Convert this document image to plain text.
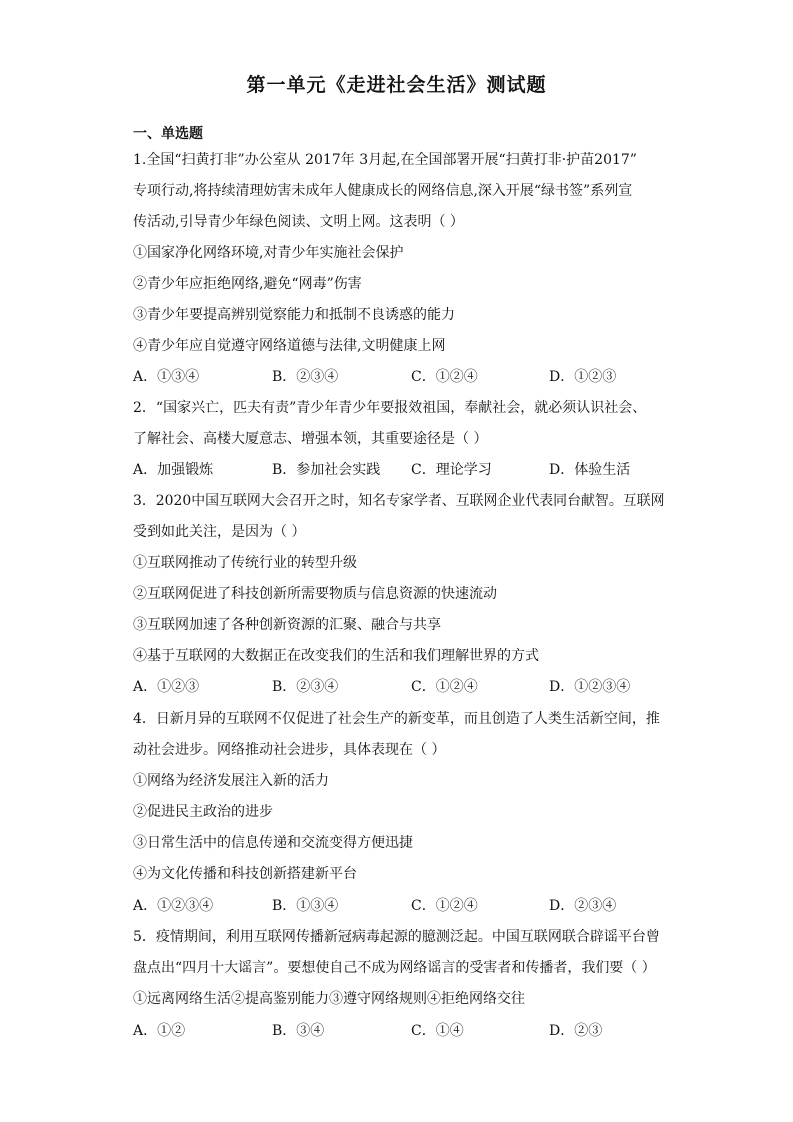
第一单元《走进社会生活》测试题
一、单选题
1.全国“扫黄打非”办公室从 2017年 3月起,在全国部署开展“扫黄打非·护苗2017”
专项行动,将持续清理妨害未成年人健康成长的网络信息,深入开展“绿书签”系列宣
传活动,引导青少年绿色阅读、文明上网。这表明（ ）
①国家净化网络环境,对青少年实施社会保护
②青少年应拒绝网络,避免“网毒”伤害
③青少年要提高辨别觉察能力和抵制不良诱惑的能力
④青少年应自觉遵守网络道德与法律,文明健康上网
A．①③④	B．②③④	C．①②④	D．①②③
2．“国家兴亡，匹夫有责”青少年青少年要报效祖国，奉献社会，就必须认识社会、
了解社会、高楼大厦意志、增强本领，其重要途径是（ ）
A．加强锻炼	B．参加社会实践 C．理论学习	D．体验生活
3．2020中国互联网大会召开之时，知名专家学者、互联网企业代表同台献智。互联网
受到如此关注，是因为（ ）
①互联网推动了传统行业的转型升级
②互联网促进了科技创新所需要物质与信息资源的快速流动
③互联网加速了各种创新资源的汇聚、融合与共享
④基于互联网的大数据正在改变我们的生活和我们理解世界的方式
A．①②③	B．②③④	C．①②④	D．①②③④
4．日新月异的互联网不仅促进了社会生产的新变革，而且创造了人类生活新空间，推
动社会进步。网络推动社会进步，具体表现在（ ）
①网络为经济发展注入新的活力
②促进民主政治的进步
③日常生活中的信息传递和交流变得方便迅捷
④为文化传播和科技创新搭建新平台
A．①②③④	B．①③④	C．①②④	D．②③④
5．疫情期间，利用互联网传播新冠病毒起源的臆测泛起。中国互联网联合辟谣平台曾
盘点出“四月十大谣言”。要想使自己不成为网络谣言的受害者和传播者，我们要（ ）
①远离网络生活②提高鉴别能力③遵守网络规则④拒绝网络交往
A．①②	B．③④	C．①④	D．②③
